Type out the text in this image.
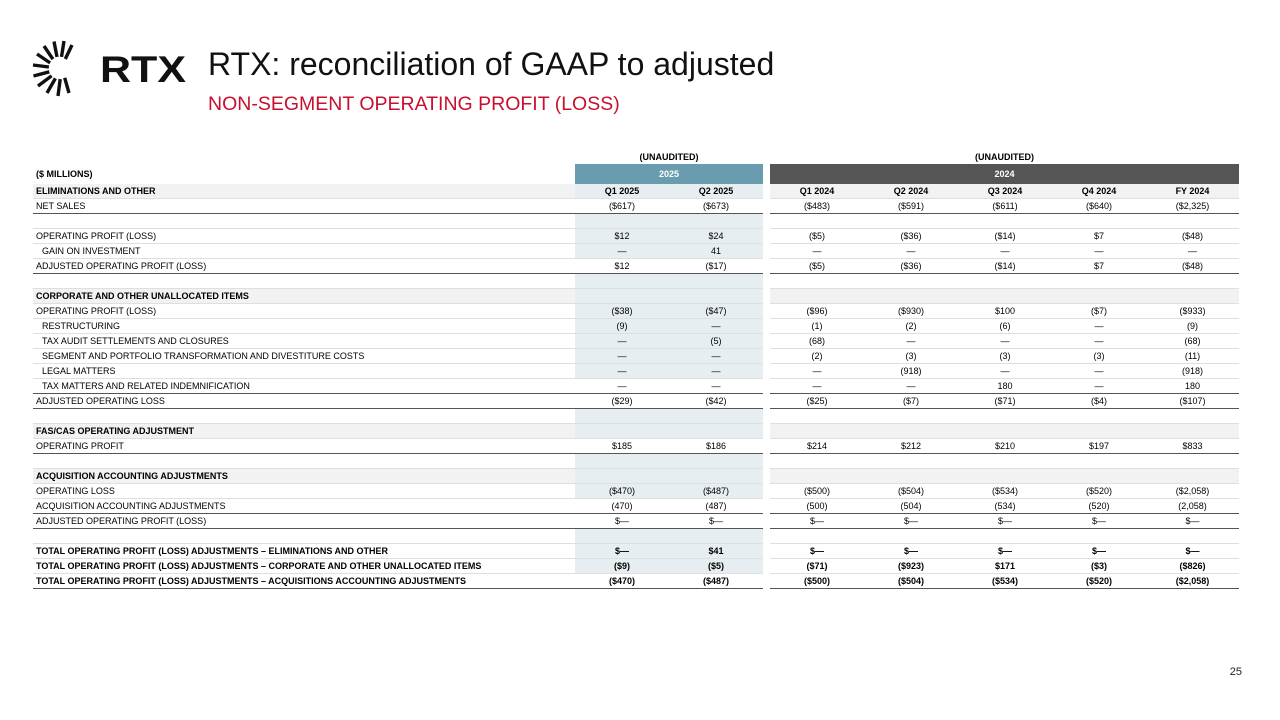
RTX RTX: reconciliation of GAAP to adjusted
NON-SEGMENT OPERATING PROFIT (LOSS)
	(UNAUDITED)			(UNAUDITED)				
($ MILLIONS)	2025			2024				
ELIMINATIONS AND OTHER	Q1 2025	Q2 2025		Q1 2024	Q2 2024	Q3 2024	Q4 2024	FY 2024
NET SALES	($617)	($673)		($483)	($591)	($611)	($640)	($2,325)

OPERATING PROFIT (LOSS)	$12	$24		($5)	($36)	($14)	$7	($48)
GAIN ON INVESTMENT	—	41		—	—	—	—	—
ADJUSTED OPERATING PROFIT (LOSS)	$12	($17)		($5)	($36)	($14)	$7	($48)

CORPORATE AND OTHER UNALLOCATED ITEMS								
OPERATING PROFIT (LOSS)	($38)	($47)		($96)	($930)	$100	($7)	($933)
RESTRUCTURING	(9)	—		(1)	(2)	(6)	—	(9)
TAX AUDIT SETTLEMENTS AND CLOSURES	—	(5)		(68)	—	—	—	(68)
SEGMENT AND PORTFOLIO TRANSFORMATION AND DIVESTITURE COSTS	—	—		(2)	(3)	(3)	(3)	(11)
LEGAL MATTERS	—	—		—	(918)	—	—	(918)
TAX MATTERS AND RELATED INDEMNIFICATION	—	—		—	—	180	—	180
ADJUSTED OPERATING LOSS	($29)	($42)		($25)	($7)	($71)	($4)	($107)

FAS/CAS OPERATING ADJUSTMENT								
OPERATING PROFIT	$185	$186		$214	$212	$210	$197	$833

ACQUISITION ACCOUNTING ADJUSTMENTS								
OPERATING LOSS	($470)	($487)		($500)	($504)	($534)	($520)	($2,058)
ACQUISITION ACCOUNTING ADJUSTMENTS	(470)	(487)		(500)	(504)	(534)	(520)	(2,058)
ADJUSTED OPERATING PROFIT (LOSS)	$—	$—		$—	$—	$—	$—	$—

TOTAL OPERATING PROFIT (LOSS) ADJUSTMENTS – ELIMINATIONS AND OTHER	$—	$41		$—	$—	$—	$—	$—
TOTAL OPERATING PROFIT (LOSS) ADJUSTMENTS – CORPORATE AND OTHER UNALLOCATED ITEMS	($9)	($5)		($71)	($923)	$171	($3)	($826)
TOTAL OPERATING PROFIT (LOSS) ADJUSTMENTS – ACQUISITIONS ACCOUNTING ADJUSTMENTS	($470)	($487)		($500)	($504)	($534)	($520)	($2,058)
25
